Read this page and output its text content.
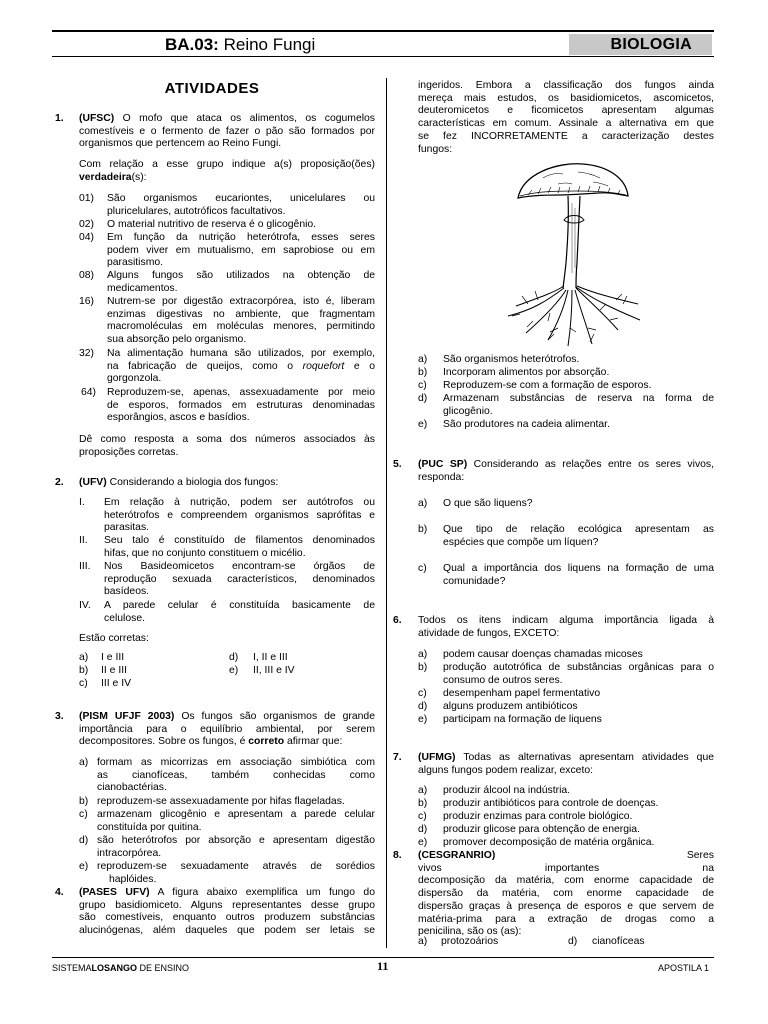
BA.03: Reino Fungi	BIOLOGIA
ATIVIDADES
1. (UFSC) O mofo que ataca os alimentos, os cogumelos
comestíveis e o fermento de fazer o pão são formados por
organismos que pertencem ao Reino Fungi.
Com relação a esse grupo indique a(s) proposição(ões)
verdadeira(s):
01) São organismos eucariontes, unicelulares ou
pluricelulares, autotróficos facultativos.
02) O material nutritivo de reserva é o glicogênio.
04) Em função da nutrição heterótrofa, esses seres
podem viver em mutualismo, em saprobiose ou em
parasitismo.
08) Alguns fungos são utilizados na obtenção de
medicamentos.
16) Nutrem-se por digestão extracorpórea, isto é, liberam
enzimas digestivas no ambiente, que fragmentam
macromoléculas em moléculas menores, permitindo
sua absorção pelo organismo.
32) Na alimentação humana são utilizados, por exemplo,
na fabricação de queijos, como o roquefort e o
gorgonzola.
64) Reproduzem-se, apenas, assexuadamente por meio
de esporos, formados em estruturas denominadas
esporângios, ascos e basídios.
Dê como resposta a soma dos números associados às
proposições corretas.
2. (UFV) Considerando a biologia dos fungos:
I. Em relação à nutrição, podem ser autótrofos ou
heterótrofos e compreendem organismos saprófitas e
parasitas.
II. Seu talo é constituído de filamentos denominados
hifas, que no conjunto constituem o micélio.
III. Nos Basideomicetos encontram-se órgãos de
reprodução sexuada característicos, denominados
basídeos.
IV. A parede celular é constituída basicamente de
celulose.
Estão corretas:
a) I e III	d) I, II e III
b) II e III	e) II, III e IV
c) III e IV
3. (PISM UFJF 2003) Os fungos são organismos de grande
importância para o equilíbrio ambiental, por serem
decompositores. Sobre os fungos, é correto afirmar que:
a) formam as micorrizas em associação simbiótica com
as cianofíceas, também conhecidas como
cianobactérias.
b) reproduzem-se assexuadamente por hifas flageladas.
c) armazenam glicogênio e apresentam a parede celular
constituída por quitina.
d) são heterótrofos por absorção e apresentam digestão
intracorpórea.
e) reproduzem-se sexuadamente através de sorédios
haplóides.
4. (PASES UFV) A figura abaixo exemplifica um fungo do
grupo basidiomiceto. Alguns representantes desse grupo
são comestíveis, enquanto outros produzem substâncias
alucinógenas, além daqueles que podem ser letais se
ingeridos. Embora a classificação dos fungos ainda
mereça mais estudos, os basidiomicetos, ascomicetos,
deuteromicetos e ficomicetos apresentam algumas
características em comum. Assinale a alternativa em que
se fez INCORRETAMENTE a caracterização destes
fungos:
a) São organismos heterótrofos.
b) Incorporam alimentos por absorção.
c) Reproduzem-se com a formação de esporos.
d) Armazenam substâncias de reserva na forma de
glicogênio.
e) São produtores na cadeia alimentar.
5. (PUC SP) Considerando as relações entre os seres vivos,
responda:
a) O que são liquens?
b) Que tipo de relação ecológica apresentam as
espécies que compõe um líquen?
c) Qual a importância dos liquens na formação de uma
comunidade?
6. Todos os itens indicam alguma importância ligada à
atividade de fungos, EXCETO:
a) podem causar doenças chamadas micoses
b) produção autotrófica de substâncias orgânicas para o
consumo de outros seres.
c) desempenham papel fermentativo
d) alguns produzem antibióticos
e) participam na formação de liquens
7. (UFMG) Todas as alternativas apresentam atividades que
alguns fungos podem realizar, exceto:
a) produzir álcool na indústria.
b) produzir antibióticos para controle de doenças.
c) produzir enzimas para controle biológico.
d) produzir glicose para obtenção de energia.
e) promover decomposição de matéria orgânica.
8. (CESGRANRIO)	Seres vivos importantes na
decomposição da matéria, com enorme capacidade de
dispersão da matéria, com enorme capacidade de
dispersão graças à presença de esporos e que servem de
matéria-prima para a extração de drogas como a
penicilina, são os (as):
a) protozoários	d) cianofíceas
SISTEMALOSANGO DE ENSINO	11	APOSTILA 1
